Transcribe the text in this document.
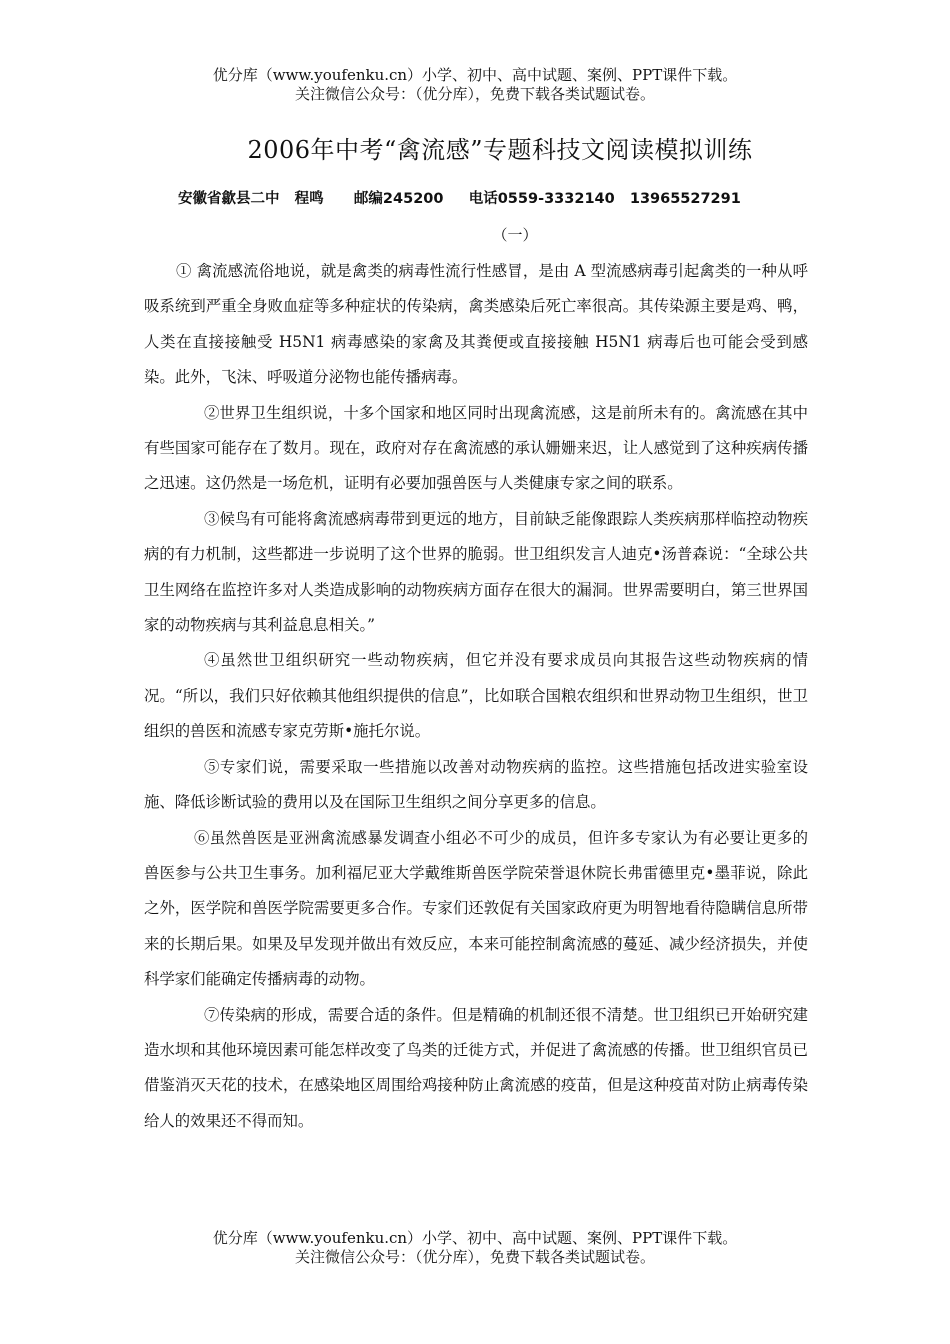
优分库（www.youfenku.cn）小学、初中、高中试题、案例、PPT课件下载。
关注微信公众号：（优分库），免费下载各类试题试卷。
2006年中考“禽流感”专题科技文阅读模拟训练
安徽省歙县二中   程鸣      邮编245200     电话0559-3332140   13965527291
（一）

① 禽流感流俗地说，就是禽类的病毒性流行性感冒，是由 A 型流感病毒引起禽类的一种从呼吸系统到严重全身败血症等多种症状的传染病，禽类感染后死亡率很高。其传染源主要是鸡、鸭，人类在直接接触受 H5N1 病毒感染的家禽及其粪便或直接接触 H5N1 病毒后也可能会受到感染。此外，飞沫、呼吸道分泌物也能传播病毒。

②世界卫生组织说，十多个国家和地区同时出现禽流感，这是前所未有的。禽流感在其中有些国家可能存在了数月。现在，政府对存在禽流感的承认姗姗来迟，让人感觉到了这种疾病传播之迅速。这仍然是一场危机，证明有必要加强兽医与人类健康专家之间的联系。

③候鸟有可能将禽流感病毒带到更远的地方，目前缺乏能像跟踪人类疾病那样临控动物疾病的有力机制，这些都进一步说明了这个世界的脆弱。世卫组织发言人迪克•汤普森说：“全球公共卫生网络在监控许多对人类造成影响的动物疾病方面存在很大的漏洞。世界需要明白，第三世界国家的动物疾病与其利益息息相关。”

④虽然世卫组织研究一些动物疾病，但它并没有要求成员向其报告这些动物疾病的情况。“所以，我们只好依赖其他组织提供的信息”，比如联合国粮农组织和世界动物卫生组织，世卫组织的兽医和流感专家克劳斯•施托尔说。

⑤专家们说，需要采取一些措施以改善对动物疾病的监控。这些措施包括改进实验室设施、降低诊断试验的费用以及在国际卫生组织之间分享更多的信息。

⑥虽然兽医是亚洲禽流感暴发调查小组必不可少的成员，但许多专家认为有必要让更多的兽医参与公共卫生事务。加利福尼亚大学戴维斯兽医学院荣誉退休院长弗雷德里克•墨菲说，除此之外，医学院和兽医学院需要更多合作。专家们还敦促有关国家政府更为明智地看待隐瞒信息所带来的长期后果。如果及早发现并做出有效反应，本来可能控制禽流感的蔓延、减少经济损失，并使科学家们能确定传播病毒的动物。

⑦传染病的形成，需要合适的条件。但是精确的机制还很不清楚。世卫组织已开始研究建造水坝和其他环境因素可能怎样改变了鸟类的迁徙方式，并促进了禽流感的传播。世卫组织官员已借鉴消灭天花的技术，在感染地区周围给鸡接种防止禽流感的疫苗，但是这种疫苗对防止病毒传染给人的效果还不得而知。

优分库（www.youfenku.cn）小学、初中、高中试题、案例、PPT课件下载。
关注微信公众号：（优分库），免费下载各类试题试卷。
